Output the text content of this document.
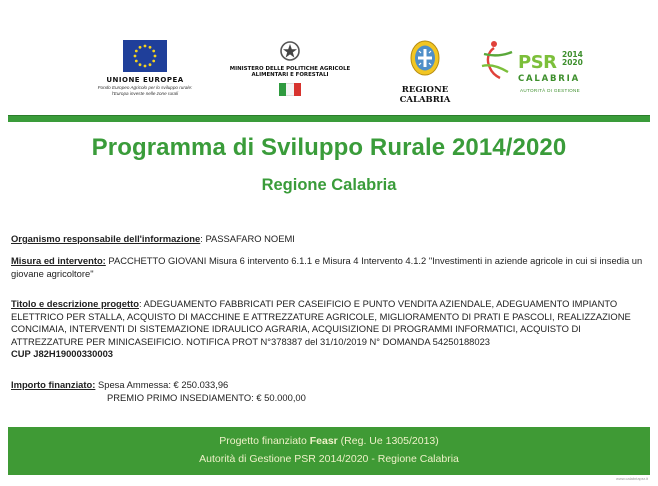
UNIONE EUROPEA
Fondo Europeo Agricolo per lo sviluppo rurale:
l'Europa investe nelle zone rurali
MINISTERO DELLE POLITICHE AGRICOLE
ALIMENTARI E FORESTALI
REGIONE CALABRIA
PSR 2014
2020
CALABRIA
AUTORITÀ DI GESTIONE
Programma di Sviluppo Rurale 2014/2020
Regione Calabria
Organismo responsabile dell'informazione: PASSAFARO NOEMI
Misura ed intervento: PACCHETTO GIOVANI Misura 6 intervento 6.1.1 e Misura 4 Intervento 4.1.2 "Investimenti in aziende agricole in cui si insedia un giovane agricoltore"
Titolo e descrizione progetto: ADEGUAMENTO FABBRICATI PER CASEIFICIO E PUNTO VENDITA AZIENDALE, ADEGUAMENTO IMPIANTO ELETTRICO PER STALLA, ACQUISTO DI MACCHINE E ATTREZZATURE AGRICOLE, MIGLIORAMENTO DI PRATI E PASCOLI, REALIZZAZIONE CONCIMAIA, INTERVENTI DI SISTEMAZIONE IDRAULICO AGRARIA, ACQUISIZIONE DI PROGRAMMI INFORMATICI, ACQUISTO DI ATTREZZATURE PER MINICASEIFICIO. NOTIFICA PROT N°378387 del 31/10/2019 N° DOMANDA 54250188023
CUP J82H19000330003
Importo finanziato: Spesa Ammessa: € 250.033,96
PREMIO PRIMO INSEDIAMENTO: € 50.000,00
Progetto finanziato Feasr (Reg. Ue 1305/2013)
Autorità di Gestione PSR 2014/2020 - Regione Calabria
www.calabriapsr.it
